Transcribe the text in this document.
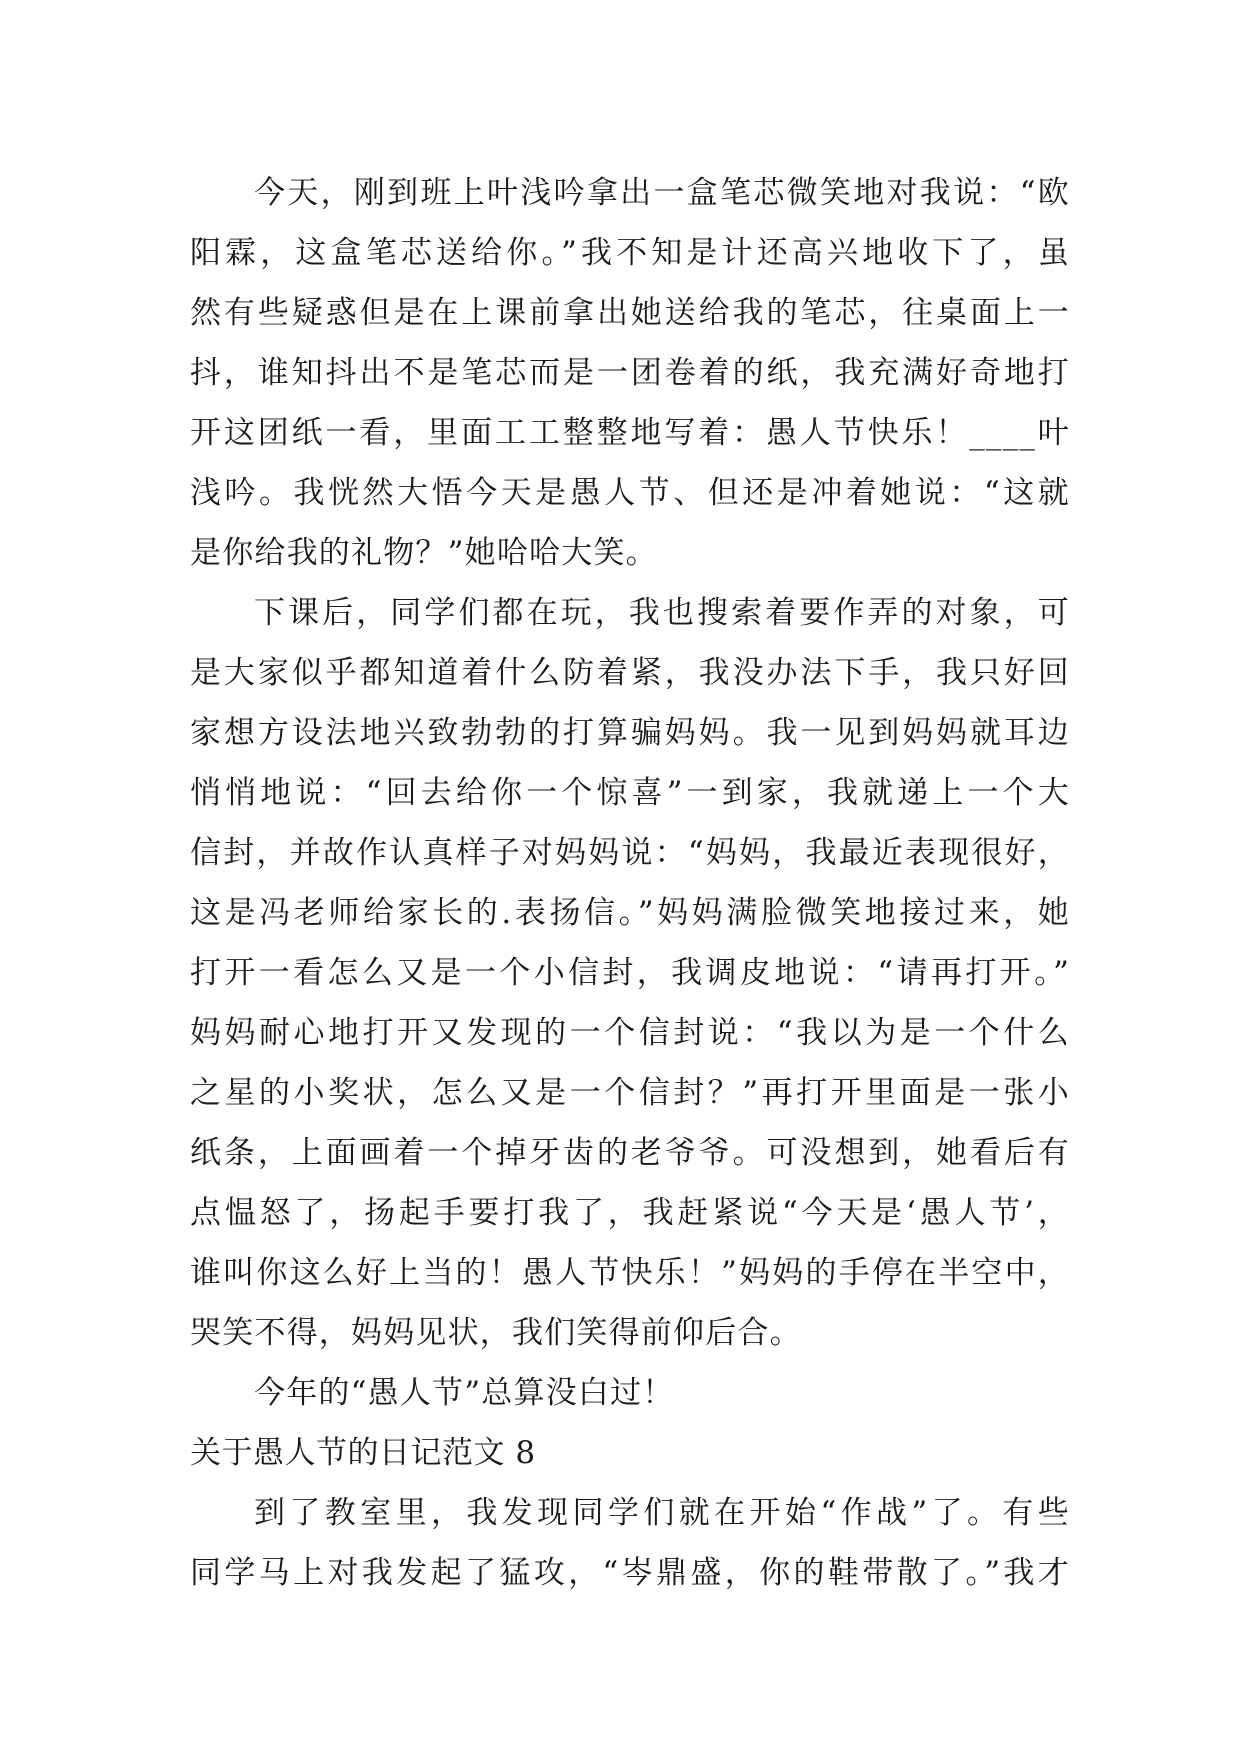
今天，刚到班上叶浅吟拿出一盒笔芯微笑地对我说：“欧
阳霖，这盒笔芯送给你。”我不知是计还高兴地收下了，虽
然有些疑惑但是在上课前拿出她送给我的笔芯，往桌面上一
抖，谁知抖出不是笔芯而是一团卷着的纸，我充满好奇地打
开这团纸一看，里面工工整整地写着：愚人节快乐！____叶
浅吟。我恍然大悟今天是愚人节、但还是冲着她说：“这就
是你给我的礼物？”她哈哈大笑。
下课后，同学们都在玩，我也搜索着要作弄的对象，可
是大家似乎都知道着什么防着紧，我没办法下手，我只好回
家想方设法地兴致勃勃的打算骗妈妈。我一见到妈妈就耳边
悄悄地说：“回去给你一个惊喜”一到家，我就递上一个大
信封，并故作认真样子对妈妈说：“妈妈，我最近表现很好，
这是冯老师给家长的.表扬信。”妈妈满脸微笑地接过来，她
打开一看怎么又是一个小信封，我调皮地说：“请再打开。”
妈妈耐心地打开又发现的一个信封说：“我以为是一个什么
之星的小奖状，怎么又是一个信封？”再打开里面是一张小
纸条，上面画着一个掉牙齿的老爷爷。可没想到，她看后有
点愠怒了，扬起手要打我了，我赶紧说“今天是‘愚人节’，
谁叫你这么好上当的！愚人节快乐！”妈妈的手停在半空中，
哭笑不得，妈妈见状，我们笑得前仰后合。
今年的“愚人节”总算没白过！
关于愚人节的日记范文 8
到了教室里，我发现同学们就在开始“作战”了。有些
同学马上对我发起了猛攻，“岑鼎盛，你的鞋带散了。”我才
